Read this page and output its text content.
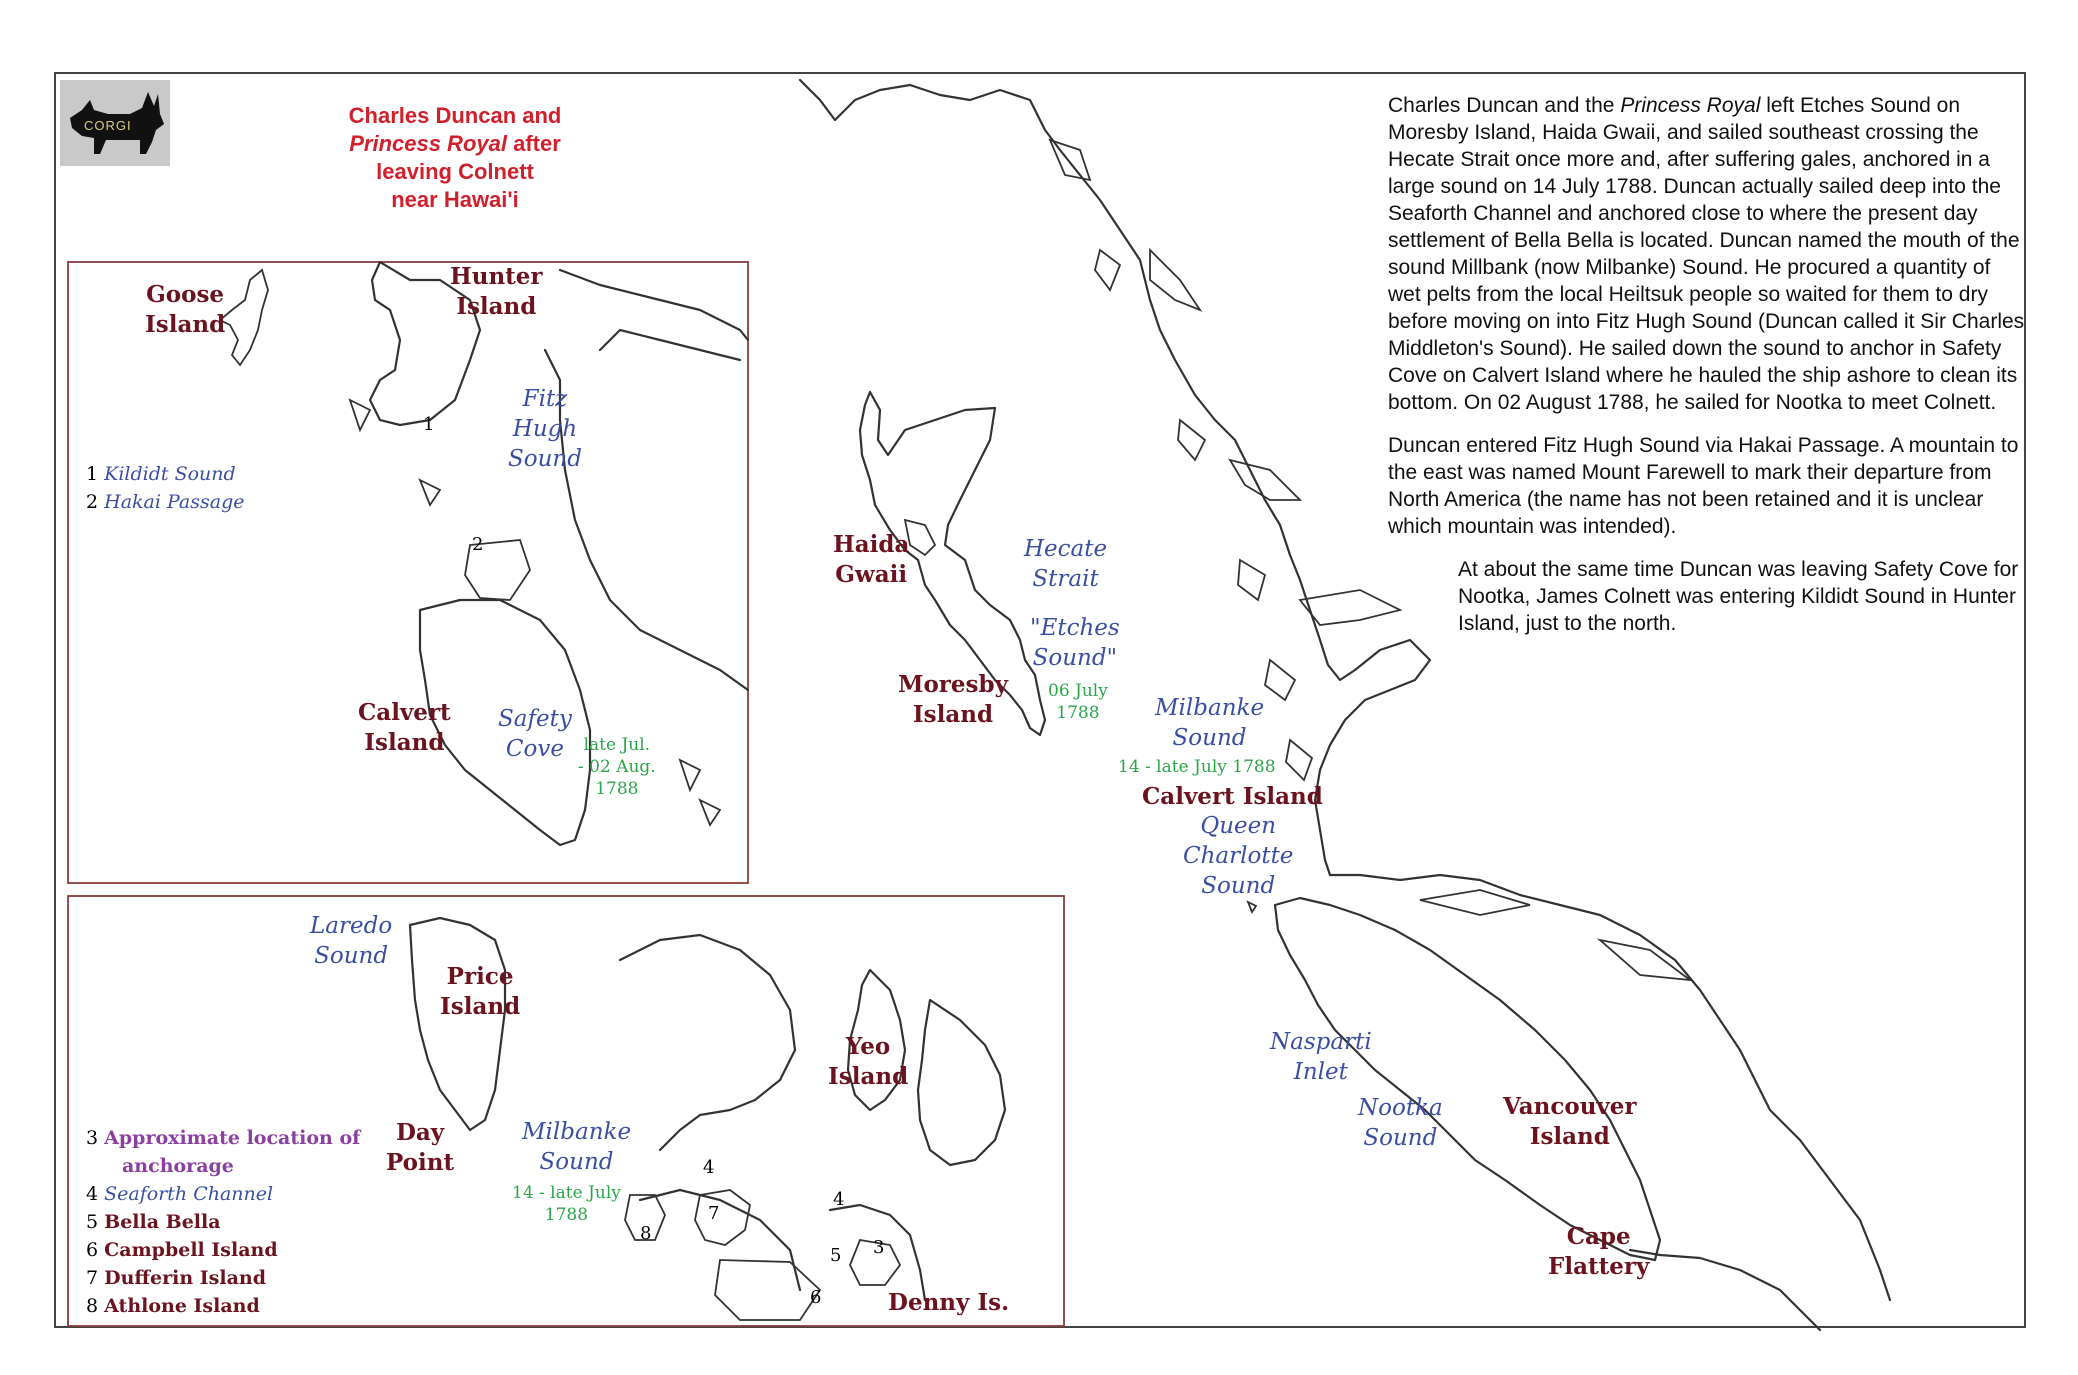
CORGI	Charles Duncan and
Princess Royal after
leaving Colnett
near Hawai'i

Charles Duncan and the Princess Royal left Etches Sound on Moresby Island, Haida Gwaii, and sailed southeast crossing the Hecate Strait once more and, after suffering gales, anchored in a large sound on 14 July 1788. Duncan actually sailed deep into the Seaforth Channel and anchored close to where the present day settlement of Bella Bella is located. Duncan named the mouth of the sound Millbank (now Milbanke) Sound. He procured a quantity of wet pelts from the local Heiltsuk people so waited for them to dry before moving on into Fitz Hugh Sound (Duncan called it Sir Charles Middleton's Sound). He sailed down the sound to anchor in Safety Cove on Calvert Island where he hauled the ship ashore to clean its bottom. On 02 August 1788, he sailed for Nootka to meet Colnett.

Duncan entered Fitz Hugh Sound via Hakai Passage. A mountain to the east was named Mount Farewell to mark their departure from North America (the name has not been retained and it is unclear which mountain was intended).

At about the same time Duncan was leaving Safety Cove for Nootka, James Colnett was entering Kildidt Sound in Hunter Island, just to the north.

Goose
Island
Hunter
Island
Fitz
Hugh
Sound
Calvert
Island
Safety
Cove	late Jul.
- 02 Aug.
1788
1
2
1 Kildidt Sound
2 Hakai Passage
Laredo
Sound
Price
Island
Day
Point
Milbanke
Sound
14 - late July
1788
Yeo
Island
Denny Is.
3
4
4
5
6
7
8
3 Approximate location of
anchorage
4 Seaforth Channel
5 Bella Bella
6 Campbell Island
7 Dufferin Island
8 Athlone Island
Haida
Gwaii
Hecate
Strait
"Etches
Sound"
06 July
1788
Moresby
Island	Milbanke
Sound
14 - late July 1788
Calvert Island
Queen
Charlotte
Sound
Nasparti
Inlet
Nootka
Sound
Vancouver
Island
Cape
Flattery
